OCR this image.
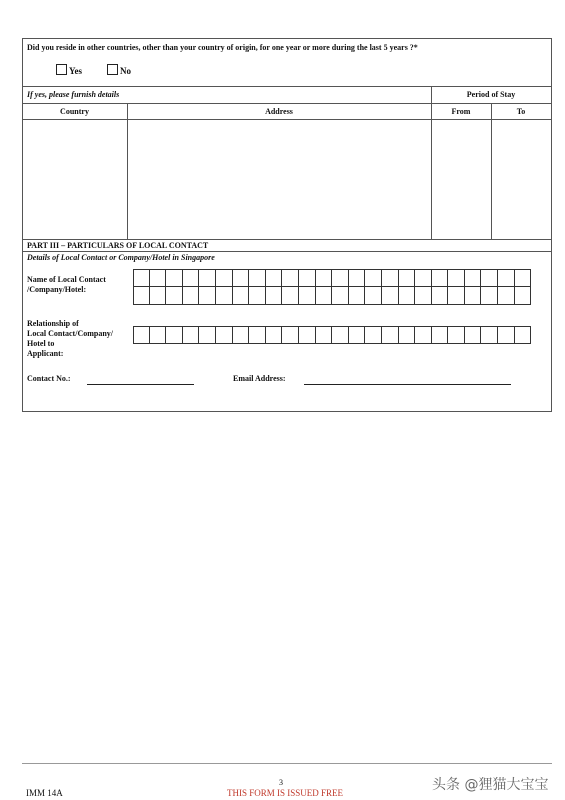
Did you reside in other countries, other than your country of origin, for one year or more during the last 5 years ?*
Yes	No
If yes, please furnish details	Period of Stay
Country	Address	From	To
PART III – PARTICULARS OF LOCAL CONTACT
Details of Local Contact or Company/Hotel in Singapore
Name of Local Contact
/Company/Hotel:
Relationship of
Local Contact/Company/
Hotel to
Applicant:
Contact No.:	Email Address:
3
IMM 14A	THIS FORM IS ISSUED FREE	头条 @狸猫大宝宝
